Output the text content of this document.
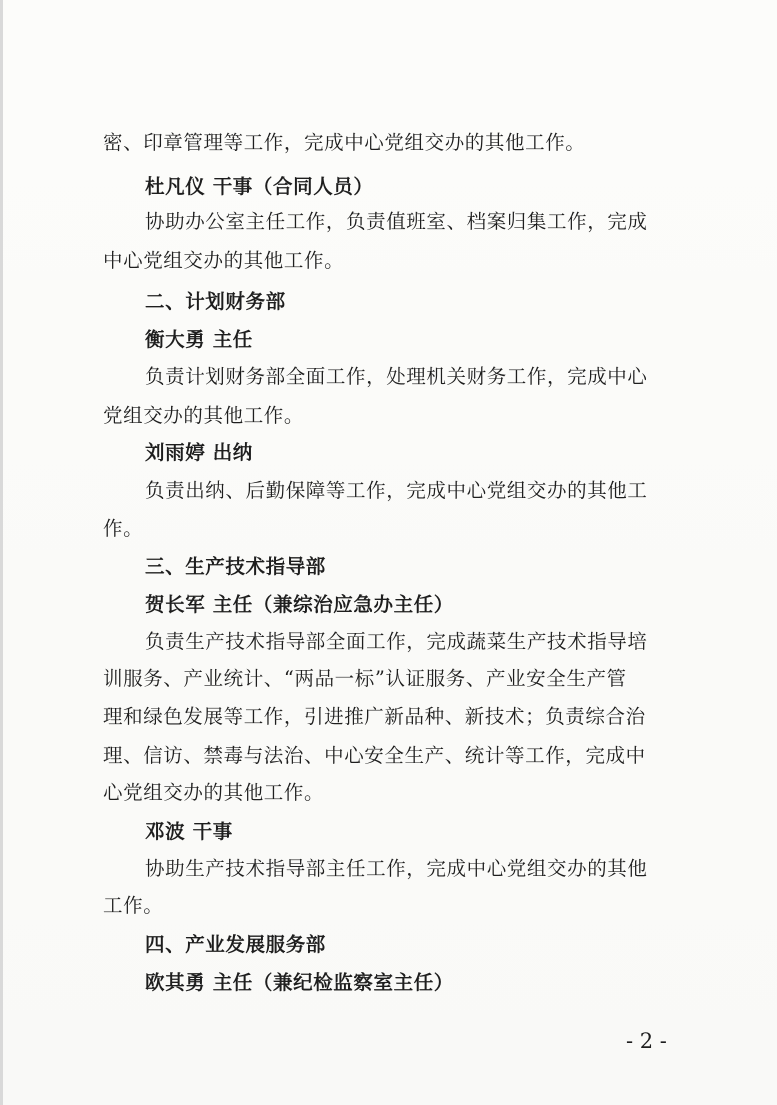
密、印章管理等工作，完成中心党组交办的其他工作。
杜凡仪 干事（合同人员）
协助办公室主任工作，负责值班室、档案归集工作，完成
中心党组交办的其他工作。
二、计划财务部
衡大勇 主任
负责计划财务部全面工作，处理机关财务工作，完成中心
党组交办的其他工作。
刘雨婷 出纳
负责出纳、后勤保障等工作，完成中心党组交办的其他工
作。
三、生产技术指导部
贺长军 主任（兼综治应急办主任）
负责生产技术指导部全面工作，完成蔬菜生产技术指导培
训服务、产业统计、“两品一标”认证服务、产业安全生产管
理和绿色发展等工作，引进推广新品种、新技术；负责综合治
理、信访、禁毒与法治、中心安全生产、统计等工作，完成中
心党组交办的其他工作。
邓波 干事
协助生产技术指导部主任工作，完成中心党组交办的其他
工作。
四、产业发展服务部
欧其勇 主任（兼纪检监察室主任）
- 2 -
